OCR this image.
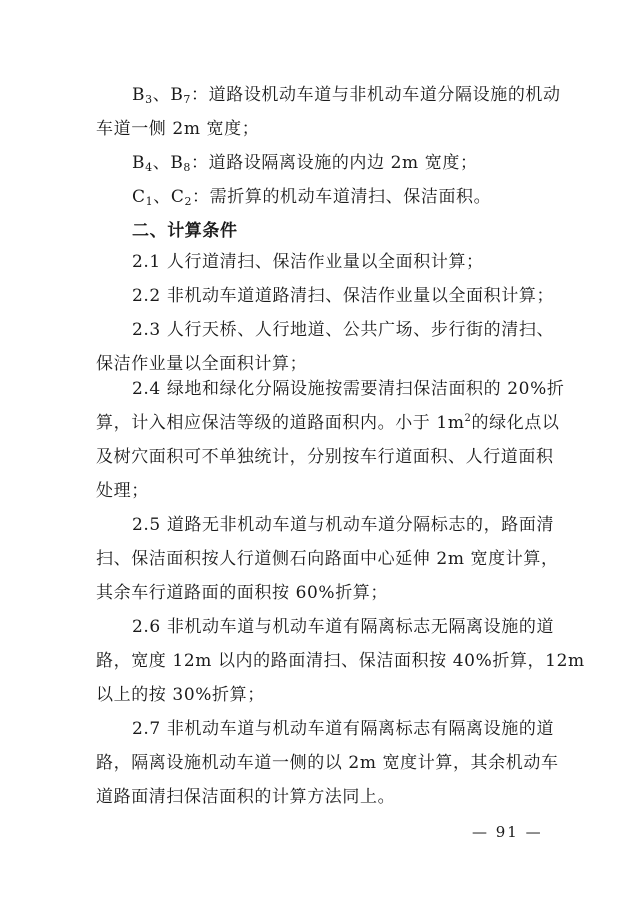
$B_3$、$B_7$：道路设机动车道与非机动车道分隔设施的机动
车道一侧 2m 宽度；
$B_4$、$B_8$：道路设隔离设施的内边 2m 宽度；
$C_1$、$C_2$：需折算的机动车道清扫、保洁面积。
二、计算条件
2.1 人行道清扫、保洁作业量以全面积计算；
2.2 非机动车道道路清扫、保洁作业量以全面积计算；
2.3 人行天桥、人行地道、公共广场、步行街的清扫、
保洁作业量以全面积计算；
2.4 绿地和绿化分隔设施按需要清扫保洁面积的 20%折
算，计入相应保洁等级的道路面积内。小于 $1m^2$的绿化点以
及树穴面积可不单独统计，分别按车行道面积、人行道面积
处理；
2.5 道路无非机动车道与机动车道分隔标志的，路面清
扫、保洁面积按人行道侧石向路面中心延伸 2m 宽度计算，
其余车行道路面的面积按 60%折算；
2.6 非机动车道与机动车道有隔离标志无隔离设施的道
路，宽度 12m 以内的路面清扫、保洁面积按 40%折算，12m
以上的按 30%折算；
2.7 非机动车道与机动车道有隔离标志有隔离设施的道
路，隔离设施机动车道一侧的以 2m 宽度计算，其余机动车
道路面清扫保洁面积的计算方法同上。
— 91 —
